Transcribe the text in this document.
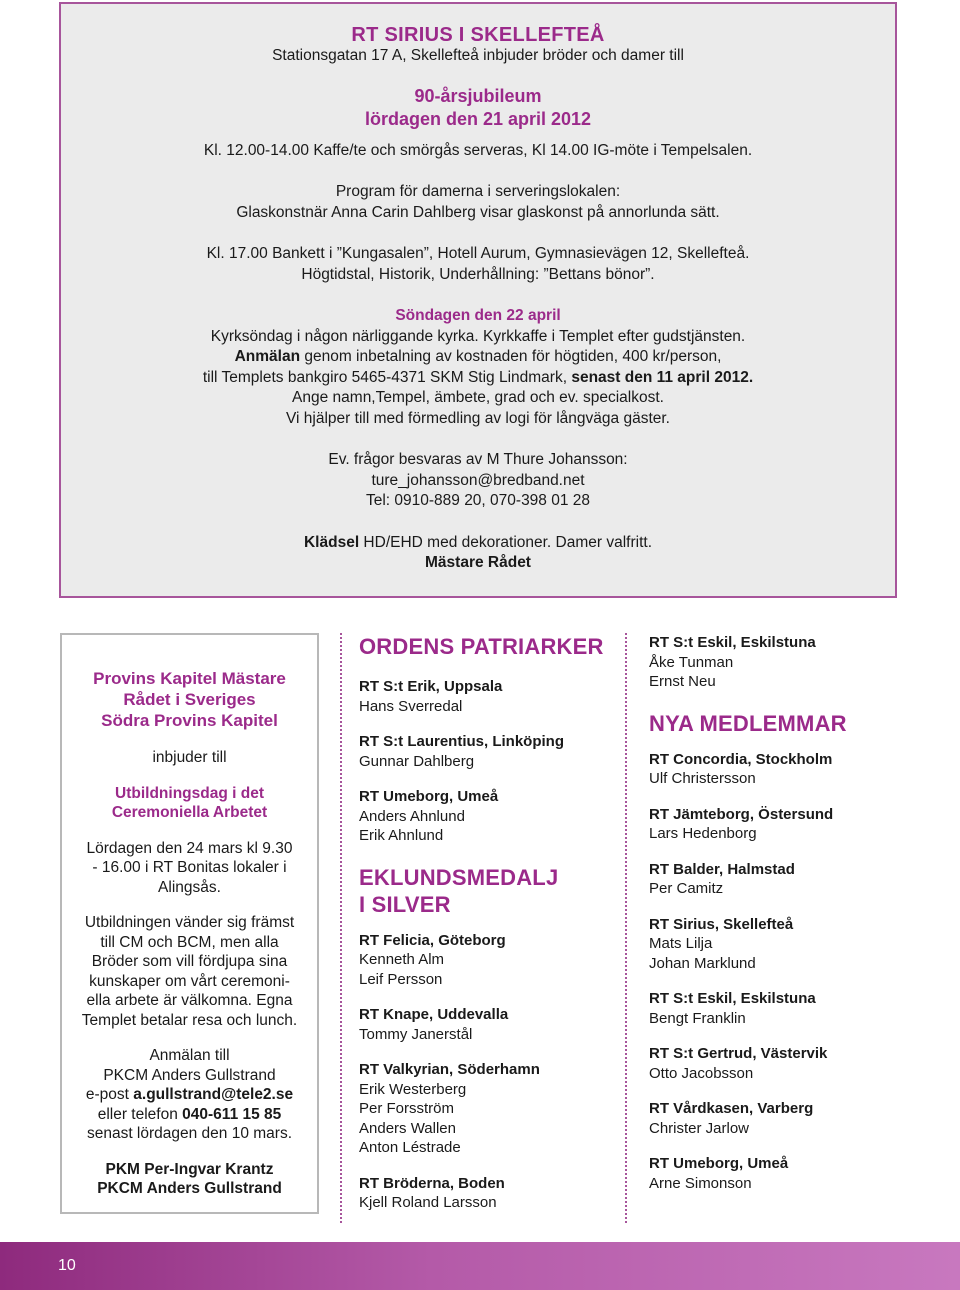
RT SIRIUS I SKELLEFTEÅ
Stationsgatan 17 A, Skellefteå inbjuder bröder och damer till
90-årsjubileum
lördagen den 21 april 2012
Kl. 12.00-14.00 Kaffe/te och smörgås serveras, Kl 14.00 IG-möte i Tempelsalen.
Program för damerna i serveringslokalen:
Glaskonstnär Anna Carin Dahlberg visar glaskonst på annorlunda sätt.
Kl. 17.00 Bankett i ”Kungasalen”, Hotell Aurum, Gymnasievägen 12, Skellefteå.
Högtidstal, Historik, Underhållning: ”Bettans bönor”.
Söndagen den 22 april
Kyrksöndag i någon närliggande kyrka. Kyrkkaffe i Templet efter gudstjänsten.
Anmälan genom inbetalning av kostnaden för högtiden, 400 kr/person,
till Templets bankgiro 5465-4371 SKM Stig Lindmark, senast den 11 april 2012.
Ange namn,Tempel, ämbete, grad och ev. specialkost.
Vi hjälper till med förmedling av logi för långväga gäster.
Ev. frågor besvaras av M Thure Johansson:
ture_johansson@bredband.net
Tel: 0910-889 20, 070-398 01 28
Klädsel HD/EHD med dekorationer. Damer valfritt.
Mästare Rådet
Provins Kapitel Mästare
Rådet i Sveriges
Södra Provins Kapitel
inbjuder till
Utbildningsdag i det
Ceremoniella Arbetet
Lördagen den 24 mars kl 9.30
- 16.00 i RT Bonitas lokaler i
Alingsås.
Utbildningen vänder sig främst
till CM och BCM, men alla
Bröder som vill fördjupa sina
kunskaper om vårt ceremoni-
ella arbete är välkomna. Egna
Templet betalar resa och lunch.
Anmälan till
PKCM Anders Gullstrand
e-post a.gullstrand@tele2.se
eller telefon 040-611 15 85
senast lördagen den 10 mars.
PKM Per-Ingvar Krantz
PKCM Anders Gullstrand
ORDENS PATRIARKER
RT S:t Erik, Uppsala
Hans Sverredal
RT S:t Laurentius, Linköping
Gunnar Dahlberg
RT Umeborg, Umeå
Anders Ahnlund
Erik Ahnlund
EKLUNDSMEDALJ
I SILVER
RT Felicia, Göteborg
Kenneth Alm
Leif Persson
RT Knape, Uddevalla
Tommy Janerstål
RT Valkyrian, Söderhamn
Erik Westerberg
Per Forsström
Anders Wallen
Anton Léstrade
RT Bröderna, Boden
Kjell Roland Larsson
RT S:t Eskil, Eskilstuna
Åke Tunman
Ernst Neu
NYA MEDLEMMAR
RT Concordia, Stockholm
Ulf Christersson
RT Jämteborg, Östersund
Lars Hedenborg
RT Balder, Halmstad
Per Camitz
RT Sirius, Skellefteå
Mats Lilja
Johan Marklund
RT S:t Eskil, Eskilstuna
Bengt Franklin
RT S:t Gertrud, Västervik
Otto Jacobsson
RT Vårdkasen, Varberg
Christer Jarlow
RT Umeborg, Umeå
Arne Simonson
10
